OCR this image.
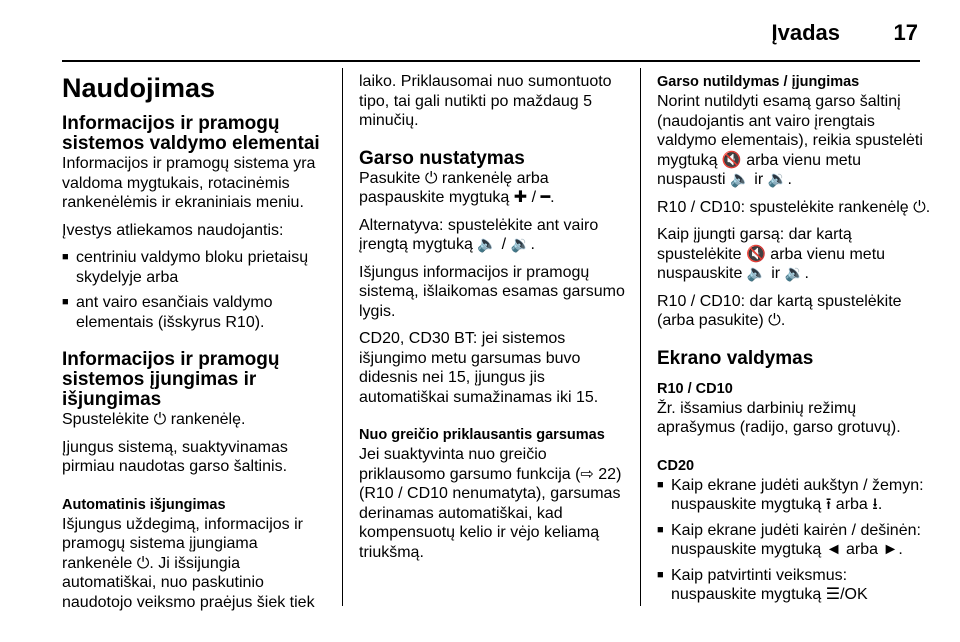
Įvadas 17
Naudojimas
Informacijos ir pramogų sistemos valdymo elementai
Informacijos ir pramogų sistema yra valdoma mygtukais, rotacinėmis rankenėlėmis ir ekraniniais meniu.
Įvestys atliekamos naudojantis:
■ centriniu valdymo bloku prietaisų skydelyje arba
■ ant vairo esančiais valdymo elementais (išskyrus R10).
Informacijos ir pramogų sistemos įjungimas ir išjungimas
Spustelėkite ⏻ rankenėlę.
Įjungus sistemą, suaktyvinamas pirmiau naudotas garso šaltinis.
Automatinis išjungimas
Išjungus uždegimą, informacijos ir pramogų sistema įjungiama rankenėle ⏻. Ji išsijungia automatiškai, nuo paskutinio naudotojo veiksmo praėjus šiek tiek
laiko. Priklausomai nuo sumontuoto tipo, tai gali nutikti po maždaug 5 minučių.
Garso nustatymas
Pasukite ⏻ rankenėlę arba paspauskite mygtuką ✚ / ━.
Alternatyva: spustelėkite ant vairo įrengtą mygtuką 🔈 / 🔉.
Išjungus informacijos ir pramogų sistemą, išlaikomas esamas garsumo lygis.
CD20, CD30 BT: jei sistemos išjungimo metu garsumas buvo didesnis nei 15, įjungus jis automatiškai sumažinamas iki 15.
Nuo greičio priklausantis garsumas
Jei suaktyvinta nuo greičio priklausomo garsumo funkcija (⇨ 22) (R10 / CD10 nenumatyta), garsumas derinamas automatiškai, kad kompensuotų kelio ir vėjo keliamą triukšmą.
Garso nutildymas / įjungimas
Norint nutildyti esamą garso šaltinį (naudojantis ant vairo įrengtais valdymo elementais), reikia spustelėti mygtuką 🔇 arba vienu metu nuspausti 🔈 ir 🔉.
R10 / CD10: spustelėkite rankenėlę ⏻.
Kaip įjungti garsą: dar kartą spustelėkite 🔇 arba vienu metu nuspauskite 🔈 ir 🔉.
R10 / CD10: dar kartą spustelėkite (arba pasukite) ⏻.
Ekrano valdymas
R10 / CD10
Žr. išsamius darbinių režimų aprašymus (radijo, garso grotuvų).
CD20
■ Kaip ekrane judėti aukštyn / žemyn: nuspauskite mygtuką ⭱ arba ⭳.
■ Kaip ekrane judėti kairėn / dešinėn: nuspauskite mygtuką ◄ arba ►.
■ Kaip patvirtinti veiksmus: nuspauskite mygtuką ☰/OK
